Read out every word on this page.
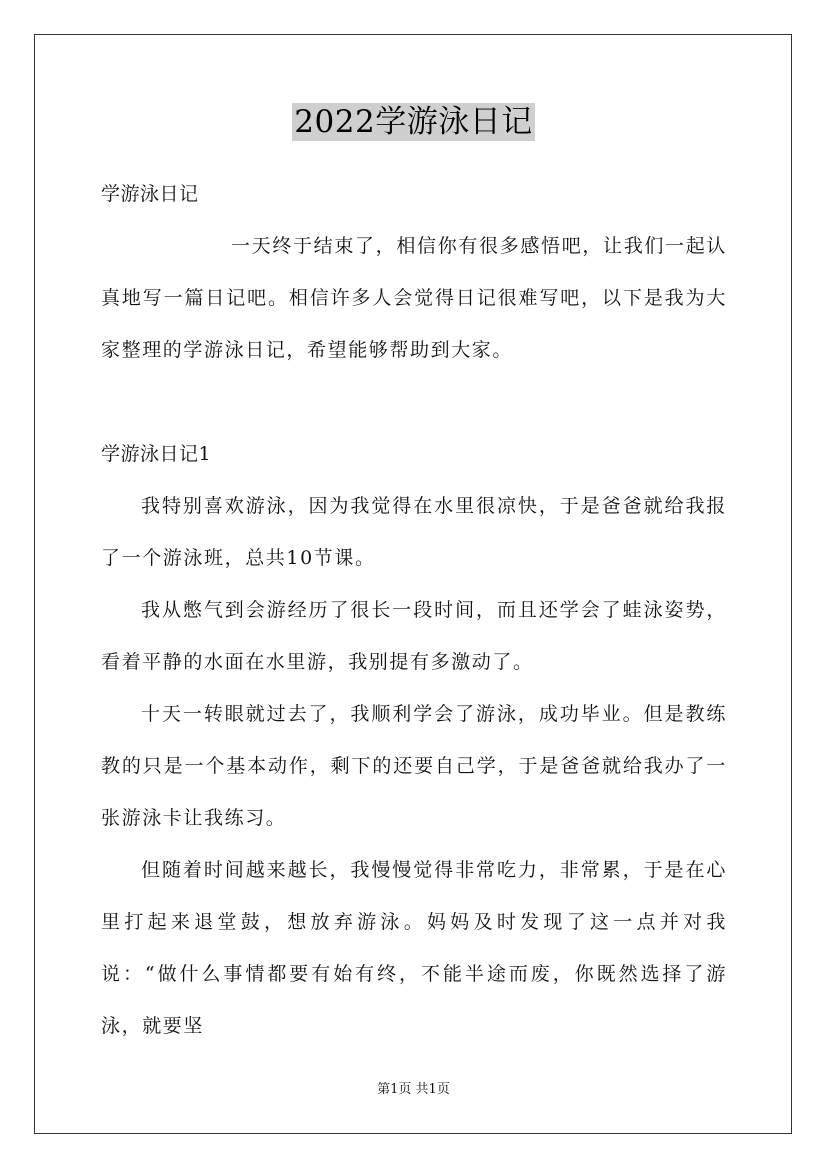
2022学游泳日记

学游泳日记

一天终于结束了，相信你有很多感悟吧，让我们一起认真地写一篇日记吧。相信许多人会觉得日记很难写吧，以下是我为大家整理的学游泳日记，希望能够帮助到大家。

学游泳日记1

我特别喜欢游泳，因为我觉得在水里很凉快，于是爸爸就给我报了一个游泳班，总共10节课。

我从憋气到会游经历了很长一段时间，而且还学会了蛙泳姿势，看着平静的水面在水里游，我别提有多激动了。

十天一转眼就过去了，我顺利学会了游泳，成功毕业。但是教练教的只是一个基本动作，剩下的还要自己学，于是爸爸就给我办了一张游泳卡让我练习。

但随着时间越来越长，我慢慢觉得非常吃力，非常累，于是在心里打起来退堂鼓，想放弃游泳。妈妈及时发现了这一点并对我说：“做什么事情都要有始有终，不能半途而废，你既然选择了游泳，就要坚

第1页 共1页
